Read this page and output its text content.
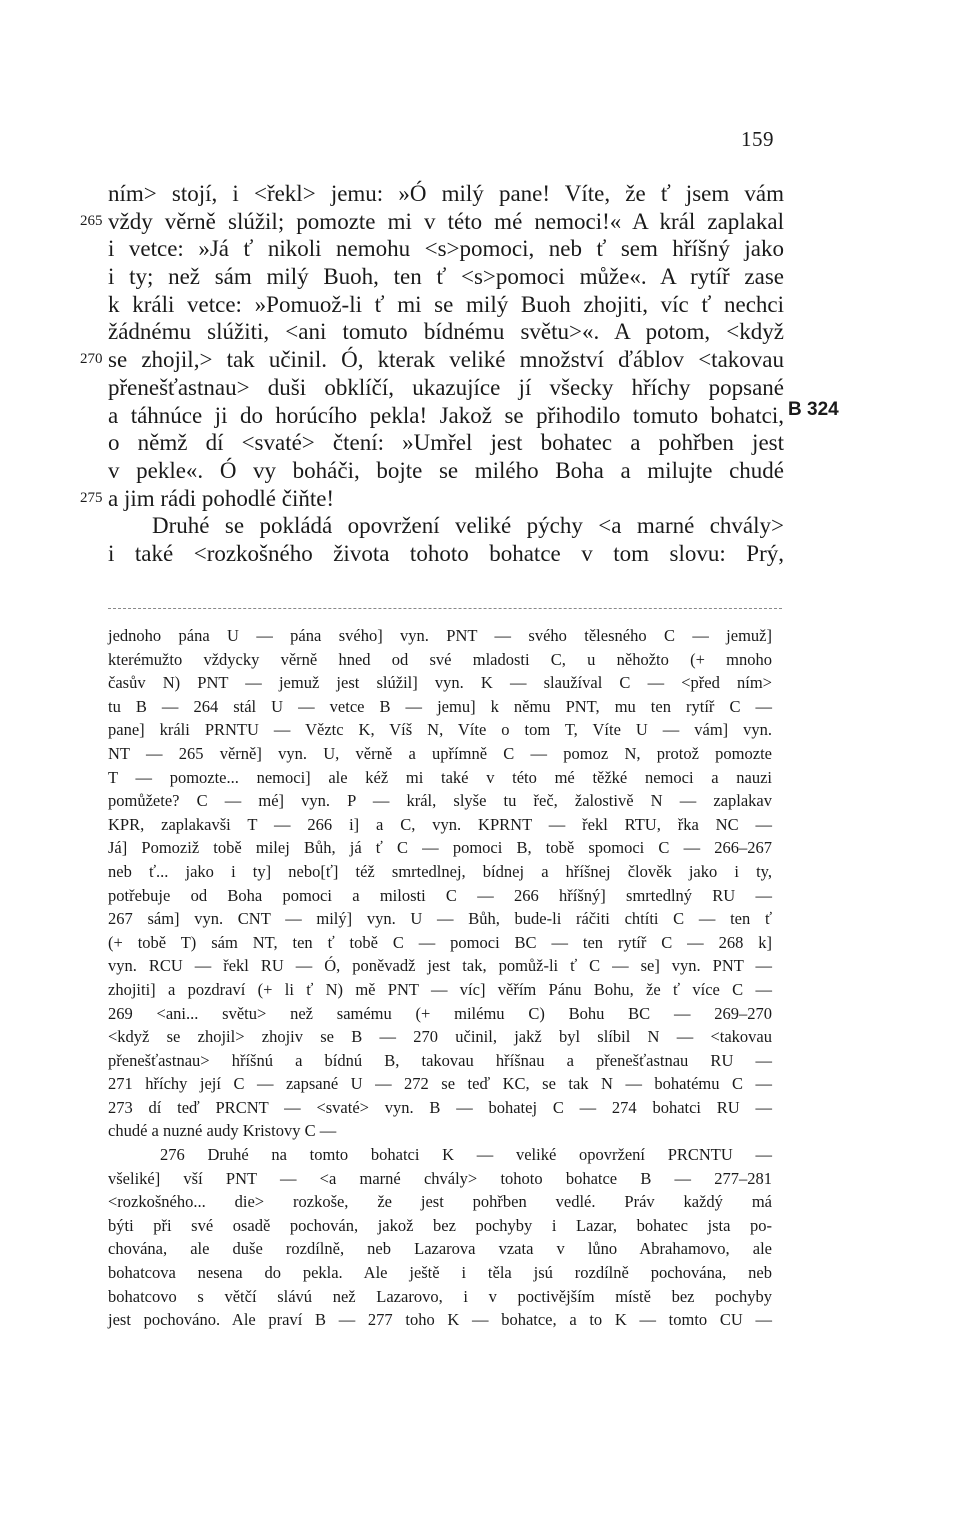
159
ním> stojí, i <řekl> jemu: »Ó milý pane! Víte, že ť jsem vám
265 vždy věrně slúžil; pomozte mi v této mé nemoci!« A král zaplakal
i vetce: »Já ť nikoli nemohu <s>pomoci, neb ť sem hříšný jako
i ty; než sám milý Buoh, ten ť <s>pomoci může«. A rytíř zase
k králi vetce: »Pomuož-li ť mi se milý Buoh zhojiti, víc ť nechci
žádnému slúžiti, <ani tomuto bídnému světu>«. A potom, <když
270 se zhojil,> tak učinil. Ó, kterak veliké množství ďáblov <takovau
přenešťastnau> duši obklíčí, ukazujíce jí všecky hříchy popsané
a táhnúce ji do horúcího pekla! Jakož se přihodilo tomuto bohatci,
o němž dí <svaté> čtení: »Umřel jest bohatec a pohřben jest
v pekle«. Ó vy boháči, bojte se milého Boha a milujte chudé
275 a jim rádi pohodlé čiňte!
Druhé se pokládá opovržení veliké pýchy <a marné chvály>
i také <rozkošného života tohoto bohatce v tom slovu: Prý,
B 324
jednoho pána U — pána svého] vyn. PNT — svého tělesného C — jemuž]
kterémužto vždycky věrně hned od své mladosti C, u něhožto (+ mnoho
časův N) PNT — jemuž jest slúžil] vyn. K — slaužíval C — <před ním>
tu B — 264 stál U — vetce B — jemu] k němu PNT, mu ten rytíř C —
pane] králi PRNTU — Věztc K, Víš N, Víte o tom T, Víte U — vám] vyn.
NT — 265 věrně] vyn. U, věrně a upřímně C — pomoz N, protož pomozte
T — pomozte... nemoci] ale kéž mi také v této mé těžké nemoci a nauzi
pomůžete? C — mé] vyn. P — král, slyše tu řeč, žalostivě N — zaplakav
KPR, zaplakavši T — 266 i] a C, vyn. KPRNT — řekl RTU, řka NC —
Já] Pomoziž tobě milej Bůh, já ť C — pomoci B, tobě spomoci C — 266–267
neb ť... jako i ty] nebo[ť] též smrtedlnej, bídnej a hříšnej člověk jako i ty,
potřebuje od Boha pomoci a milosti C — 266 hříšný] smrtedlný RU —
267 sám] vyn. CNT — milý] vyn. U — Bůh, bude-li ráčiti chtíti C — ten ť
(+ tobě T) sám NT, ten ť tobě C — pomoci BC — ten rytíř C — 268 k]
vyn. RCU — řekl RU — Ó, poněvadž jest tak, pomůž-li ť C — se] vyn. PNT —
zhojiti] a pozdraví (+ li ť N) mě PNT — víc] věřím Pánu Bohu, že ť více C —
269 <ani... světu> než samému (+ milému C) Bohu BC — 269–270
<když se zhojil> zhojiv se B — 270 učinil, jakž byl slíbil N — <takovau
přenešťastnau> hříšnú a bídnú B, takovau hříšnau a přenešťastnau RU —
271 hříchy její C — zapsané U — 272 se teď KC, se tak N — bohatému C —
273 dí teď PRCNT — <svaté> vyn. B — bohatej C — 274 bohatci RU —
chudé a nuzné audy Kristovy C —
276 Druhé na tomto bohatci K — veliké opovržení PRCNTU —
všeliké] vší PNT — <a marné chvály> tohoto bohatce B — 277–281
<rozkošného... die> rozkoše, že jest pohřben vedlé. Práv každý má
býti při své osadě pochován, jakož bez pochyby i Lazar, bohatec jsta po-
chována, ale duše rozdílně, neb Lazarova vzata v lůno Abrahamovo, ale
bohatcova nesena do pekla. Ale ještě i těla jsú rozdílně pochována, neb
bohatcovo s větčí slávú než Lazarovo, i v poctivějším místě bez pochyby
jest pochováno. Ale praví B — 277 toho K — bohatce, a to K — tomto CU —
